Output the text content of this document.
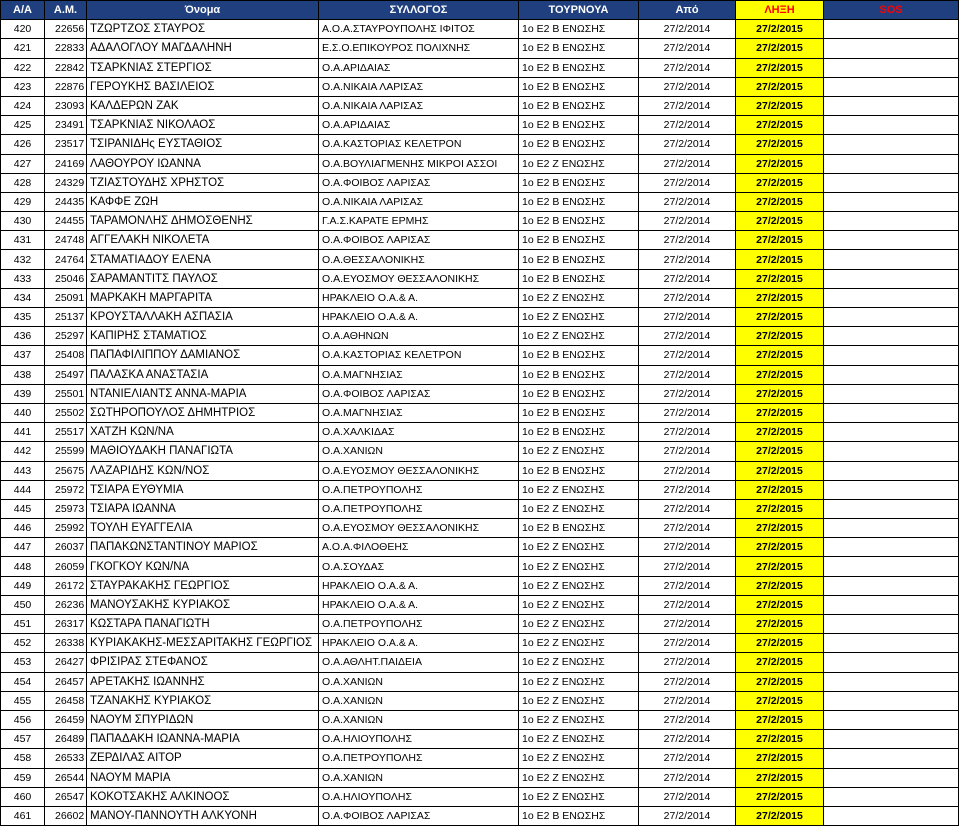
Α/Α	Α.Μ.	Όνομα	ΣΥΛΛΟΓΟΣ	ΤΟΥΡΝΟΥΑ	Από	ΛΗΞΗ	SOS
420	22656	ΤΖΩΡΤΖΟΣ ΣΤΑΥΡΟΣ	Α.Ο.Α.ΣΤΑΥΡΟΥΠΟΛΗΣ ΙΦΙΤΟΣ	1ο Ε2 Β ΕΝΩΣΗΣ	27/2/2014	27/2/2015	
421	22833	ΑΔΑΛΟΓΛΟΥ ΜΑΓΔΑΛΗΝΗ	Ε.Σ.Ο.ΕΠΙΚΟΥΡΟΣ ΠΟΛΙΧΝΗΣ	1ο Ε2 Β ΕΝΩΣΗΣ	27/2/2014	27/2/2015	
422	22842	ΤΣΑΡΚΝΙΑΣ ΣΤΕΡΓΙΟΣ	Ο.Α.ΑΡΙΔΑΙΑΣ	1ο Ε2 Β ΕΝΩΣΗΣ	27/2/2014	27/2/2015	
423	22876	ΓΕΡΟΥΚΗΣ ΒΑΣΙΛΕΙΟΣ	Ο.Α.ΝΙΚΑΙΑ ΛΑΡΙΣΑΣ	1ο Ε2 Β ΕΝΩΣΗΣ	27/2/2014	27/2/2015	
424	23093	ΚΑΛΔΕΡΩΝ ΖΑΚ	Ο.Α.ΝΙΚΑΙΑ ΛΑΡΙΣΑΣ	1ο Ε2 Β ΕΝΩΣΗΣ	27/2/2014	27/2/2015	
425	23491	ΤΣΑΡΚΝΙΑΣ ΝΙΚΟΛΑΟΣ	Ο.Α.ΑΡΙΔΑΙΑΣ	1ο Ε2 Β ΕΝΩΣΗΣ	27/2/2014	27/2/2015	
426	23517	ΤΣΙΡΑΝΙΔΗς ΕΥΣΤΑΘΙΟΣ	Ο.Α.ΚΑΣΤΟΡΙΑΣ ΚΕΛΕΤΡΟΝ	1ο Ε2 Β ΕΝΩΣΗΣ	27/2/2014	27/2/2015	
427	24169	ΛΑΘΟΥΡΟΥ ΙΩΑΝΝΑ	Ο.Α.ΒΟΥΛΙΑΓΜΕΝΗΣ ΜΙΚΡΟΙ ΑΣΣΟΙ	1ο Ε2 Ζ ΕΝΩΣΗΣ	27/2/2014	27/2/2015	
428	24329	ΤΖΙΑΣΤΟΥΔΗΣ ΧΡΗΣΤΟΣ	Ο.Α.ΦΟΙΒΟΣ ΛΑΡΙΣΑΣ	1ο Ε2 Β ΕΝΩΣΗΣ	27/2/2014	27/2/2015	
429	24435	ΚΑΦΦΕ ΖΩΗ	Ο.Α.ΝΙΚΑΙΑ ΛΑΡΙΣΑΣ	1ο Ε2 Β ΕΝΩΣΗΣ	27/2/2014	27/2/2015	
430	24455	ΤΑΡΑΜΟΝΛΗΣ ΔΗΜΟΣΘΕΝΗΣ	Γ.Α.Σ.ΚΑΡΑΤΕ ΕΡΜΗΣ	1ο Ε2 Β ΕΝΩΣΗΣ	27/2/2014	27/2/2015	
431	24748	ΑΓΓΕΛΑΚΗ ΝΙΚΟΛΕΤΑ	Ο.Α.ΦΟΙΒΟΣ ΛΑΡΙΣΑΣ	1ο Ε2 Β ΕΝΩΣΗΣ	27/2/2014	27/2/2015	
432	24764	ΣΤΑΜΑΤΙΑΔΟΥ ΕΛΕΝΑ	Ο.Α.ΘΕΣΣΑΛΟΝΙΚΗΣ	1ο Ε2 Β ΕΝΩΣΗΣ	27/2/2014	27/2/2015	
433	25046	ΣΑΡΑΜΑΝΤΙΤΣ ΠΑΥΛΟΣ	Ο.Α.ΕΥΟΣΜΟΥ ΘΕΣΣΑΛΟΝΙΚΗΣ	1ο Ε2 Β ΕΝΩΣΗΣ	27/2/2014	27/2/2015	
434	25091	ΜΑΡΚΑΚΗ ΜΑΡΓΑΡΙΤΑ	ΗΡΑΚΛΕΙΟ Ο.Α.& Α.	1ο Ε2 Ζ ΕΝΩΣΗΣ	27/2/2014	27/2/2015	
435	25137	ΚΡΟΥΣΤΑΛΛΑΚΗ ΑΣΠΑΣΙΑ	ΗΡΑΚΛΕΙΟ Ο.Α.& Α.	1ο Ε2 Ζ ΕΝΩΣΗΣ	27/2/2014	27/2/2015	
436	25297	ΚΑΠΙΡΗΣ ΣΤΑΜΑΤΙΟΣ	Ο.Α.ΑΘΗΝΩΝ	1ο Ε2 Ζ ΕΝΩΣΗΣ	27/2/2014	27/2/2015	
437	25408	ΠΑΠΑΦΙΛΙΠΠΟΥ ΔΑΜΙΑΝΟΣ	Ο.Α.ΚΑΣΤΟΡΙΑΣ ΚΕΛΕΤΡΟΝ	1ο Ε2 Β ΕΝΩΣΗΣ	27/2/2014	27/2/2015	
438	25497	ΠΑΛΑΣΚΑ ΑΝΑΣΤΑΣΙΑ	Ο.Α.ΜΑΓΝΗΣΙΑΣ	1ο Ε2 Β ΕΝΩΣΗΣ	27/2/2014	27/2/2015	
439	25501	ΝΤΑΝΙΕΛΙΑΝΤΣ ΑΝΝΑ-ΜΑΡΙΑ	Ο.Α.ΦΟΙΒΟΣ ΛΑΡΙΣΑΣ	1ο Ε2 Β ΕΝΩΣΗΣ	27/2/2014	27/2/2015	
440	25502	ΣΩΤΗΡΟΠΟΥΛΟΣ ΔΗΜΗΤΡΙΟΣ	Ο.Α.ΜΑΓΝΗΣΙΑΣ	1ο Ε2 Β ΕΝΩΣΗΣ	27/2/2014	27/2/2015	
441	25517	ΧΑΤΖΗ ΚΩΝ/ΝΑ	Ο.Α.ΧΑΛΚΙΔΑΣ	1ο Ε2 Β ΕΝΩΣΗΣ	27/2/2014	27/2/2015	
442	25599	ΜΑΘΙΟΥΔΑΚΗ ΠΑΝΑΓΙΩΤΑ	Ο.Α.ΧΑΝΙΩΝ	1ο Ε2 Ζ ΕΝΩΣΗΣ	27/2/2014	27/2/2015	
443	25675	ΛΑΖΑΡΙΔΗΣ ΚΩΝ/ΝΟΣ	Ο.Α.ΕΥΟΣΜΟΥ ΘΕΣΣΑΛΟΝΙΚΗΣ	1ο Ε2 Β ΕΝΩΣΗΣ	27/2/2014	27/2/2015	
444	25972	ΤΣΙΑΡΑ ΕΥΘΥΜΙΑ	Ο.Α.ΠΕΤΡΟΥΠΟΛΗΣ	1ο Ε2 Ζ ΕΝΩΣΗΣ	27/2/2014	27/2/2015	
445	25973	ΤΣΙΑΡΑ ΙΩΑΝΝΑ	Ο.Α.ΠΕΤΡΟΥΠΟΛΗΣ	1ο Ε2 Ζ ΕΝΩΣΗΣ	27/2/2014	27/2/2015	
446	25992	ΤΟΥΛΗ ΕΥΑΓΓΕΛΙΑ	Ο.Α.ΕΥΟΣΜΟΥ ΘΕΣΣΑΛΟΝΙΚΗΣ	1ο Ε2 Β ΕΝΩΣΗΣ	27/2/2014	27/2/2015	
447	26037	ΠΑΠΑΚΩΝΣΤΑΝΤΙΝΟΥ ΜΑΡΙΟΣ	Α.Ο.Α.ΦΙΛΟΘΕΗΣ	1ο Ε2 Ζ ΕΝΩΣΗΣ	27/2/2014	27/2/2015	
448	26059	ΓΚΟΓΚΟΥ ΚΩΝ/ΝΑ	Ο.Α.ΣΟΥΔΑΣ	1ο Ε2 Ζ ΕΝΩΣΗΣ	27/2/2014	27/2/2015	
449	26172	ΣΤΑΥΡΑΚΑΚΗΣ ΓΕΩΡΓΙΟΣ	ΗΡΑΚΛΕΙΟ Ο.Α.& Α.	1ο Ε2 Ζ ΕΝΩΣΗΣ	27/2/2014	27/2/2015	
450	26236	ΜΑΝΟΥΣΑΚΗΣ ΚΥΡΙΑΚΟΣ	ΗΡΑΚΛΕΙΟ Ο.Α.& Α.	1ο Ε2 Ζ ΕΝΩΣΗΣ	27/2/2014	27/2/2015	
451	26317	ΚΩΣΤΑΡΑ ΠΑΝΑΓΙΩΤΗ	Ο.Α.ΠΕΤΡΟΥΠΟΛΗΣ	1ο Ε2 Ζ ΕΝΩΣΗΣ	27/2/2014	27/2/2015	
452	26338	ΚΥΡΙΑΚΑΚΗΣ-ΜΕΣΣΑΡΙΤΑΚΗΣ ΓΕΩΡΓΙΟΣ	ΗΡΑΚΛΕΙΟ Ο.Α.& Α.	1ο Ε2 Ζ ΕΝΩΣΗΣ	27/2/2014	27/2/2015	
453	26427	ΦΡΙΣΙΡΑΣ ΣΤΕΦΑΝΟΣ	Ο.Α.ΑΘΛΗΤ.ΠΑΙΔΕΙΑ	1ο Ε2 Ζ ΕΝΩΣΗΣ	27/2/2014	27/2/2015	
454	26457	ΑΡΕΤΑΚΗΣ ΙΩΑΝΝΗΣ	Ο.Α.ΧΑΝΙΩΝ	1ο Ε2 Ζ ΕΝΩΣΗΣ	27/2/2014	27/2/2015	
455	26458	ΤΖΑΝΑΚΗΣ ΚΥΡΙΑΚΟΣ	Ο.Α.ΧΑΝΙΩΝ	1ο Ε2 Ζ ΕΝΩΣΗΣ	27/2/2014	27/2/2015	
456	26459	ΝΑΟΥΜ ΣΠΥΡΙΔΩΝ	Ο.Α.ΧΑΝΙΩΝ	1ο Ε2 Ζ ΕΝΩΣΗΣ	27/2/2014	27/2/2015	
457	26489	ΠΑΠΑΔΑΚΗ ΙΩΑΝΝΑ-ΜΑΡΙΑ	Ο.Α.ΗΛΙΟΥΠΟΛΗΣ	1ο Ε2 Ζ ΕΝΩΣΗΣ	27/2/2014	27/2/2015	
458	26533	ΖΕΡΔΙΛΑΣ ΑΙΤΟΡ	Ο.Α.ΠΕΤΡΟΥΠΟΛΗΣ	1ο Ε2 Ζ ΕΝΩΣΗΣ	27/2/2014	27/2/2015	
459	26544	ΝΑΟΥΜ ΜΑΡΙΑ	Ο.Α.ΧΑΝΙΩΝ	1ο Ε2 Ζ ΕΝΩΣΗΣ	27/2/2014	27/2/2015	
460	26547	ΚΟΚΟΤΣΑΚΗΣ ΑΛΚΙΝΟΟΣ	Ο.Α.ΗΛΙΟΥΠΟΛΗΣ	1ο Ε2 Ζ ΕΝΩΣΗΣ	27/2/2014	27/2/2015	
461	26602	ΜΑΝΟΥ-ΠΑΝΝΟΥΤΗ ΑΛΚΥΟΝΗ	Ο.Α.ΦΟΙΒΟΣ ΛΑΡΙΣΑΣ	1ο Ε2 Β ΕΝΩΣΗΣ	27/2/2014	27/2/2015	
